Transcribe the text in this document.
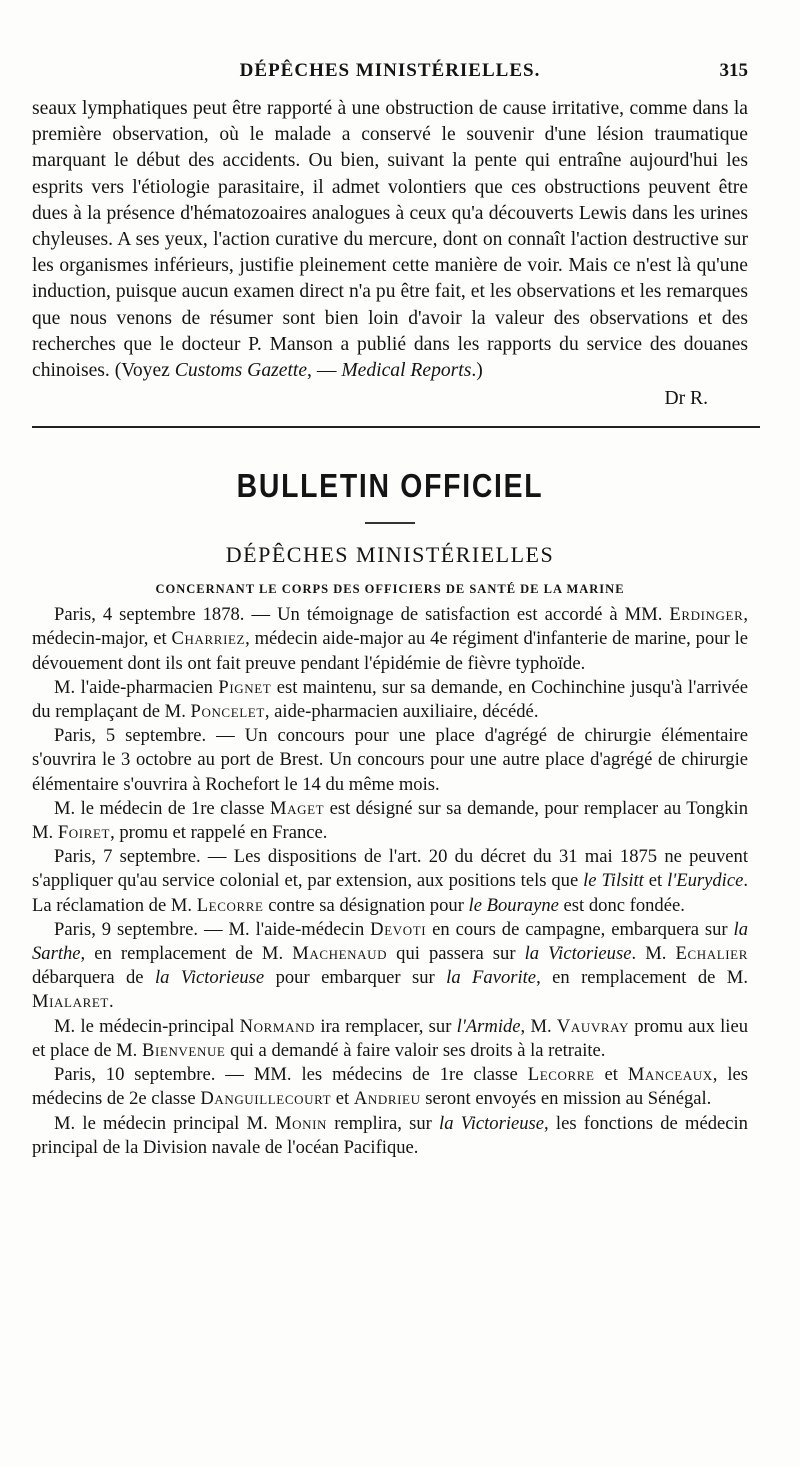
DÉPÊCHES MINISTÉRIELLES.	315

seaux lymphatiques peut être rapporté à une obstruction de cause irritative, comme dans la première observation, où le malade a conservé le souvenir d'une lésion traumatique marquant le début des accidents. Ou bien, suivant la pente qui entraîne aujourd'hui les esprits vers l'étiologie parasitaire, il admet volontiers que ces obstructions peuvent être dues à la présence d'hématozoaires analogues à ceux qu'a découverts Lewis dans les urines chyleuses. A ses yeux, l'action curative du mercure, dont on connaît l'action destructive sur les organismes inférieurs, justifie pleinement cette manière de voir. Mais ce n'est là qu'une induction, puisque aucun examen direct n'a pu être fait, et les observations et les remarques que nous venons de résumer sont bien loin d'avoir la valeur des observations et des recherches que le docteur P. Manson a publié dans les rapports du service des douanes chinoises. (Voyez Customs Gazette, — Medical Reports.)

Dr R.
BULLETIN OFFICIEL
DÉPÊCHES MINISTÉRIELLES
CONCERNANT LE CORPS DES OFFICIERS DE SANTÉ DE LA MARINE

Paris, 4 septembre 1878. — Un témoignage de satisfaction est accordé à MM. Erdinger, médecin-major, et Charriez, médecin aide-major au 4e régiment d'infanterie de marine, pour le dévouement dont ils ont fait preuve pendant l'épidémie de fièvre typhoïde.

M. l'aide-pharmacien Pignet est maintenu, sur sa demande, en Cochinchine jusqu'à l'arrivée du remplaçant de M. Poncelet, aide-pharmacien auxiliaire, décédé.

Paris, 5 septembre. — Un concours pour une place d'agrégé de chirurgie élémentaire s'ouvrira le 3 octobre au port de Brest. Un concours pour une autre place d'agrégé de chirurgie élémentaire s'ouvrira à Rochefort le 14 du même mois.

M. le médecin de 1re classe Maget est désigné sur sa demande, pour remplacer au Tongkin M. Foiret, promu et rappelé en France.

Paris, 7 septembre. — Les dispositions de l'art. 20 du décret du 31 mai 1875 ne peuvent s'appliquer qu'au service colonial et, par extension, aux positions tels que le Tilsitt et l'Eurydice. La réclamation de M. Lecorre contre sa désignation pour le Bourayne est donc fondée.

Paris, 9 septembre. — M. l'aide-médecin Devoti en cours de campagne, embarquera sur la Sarthe, en remplacement de M. Machenaud qui passera sur la Victorieuse. M. Echalier débarquera de la Victorieuse pour embarquer sur la Favorite, en remplacement de M. Mialaret.

M. le médecin-principal Normand ira remplacer, sur l'Armide, M. Vauvray promu aux lieu et place de M. Bienvenue qui a demandé à faire valoir ses droits à la retraite.

Paris, 10 septembre. — MM. les médecins de 1re classe Lecorre et Manceaux, les médecins de 2e classe Danguillecourt et Andrieu seront envoyés en mission au Sénégal.

M. le médecin principal M. Monin remplira, sur la Victorieuse, les fonctions de médecin principal de la Division navale de l'océan Pacifique.
